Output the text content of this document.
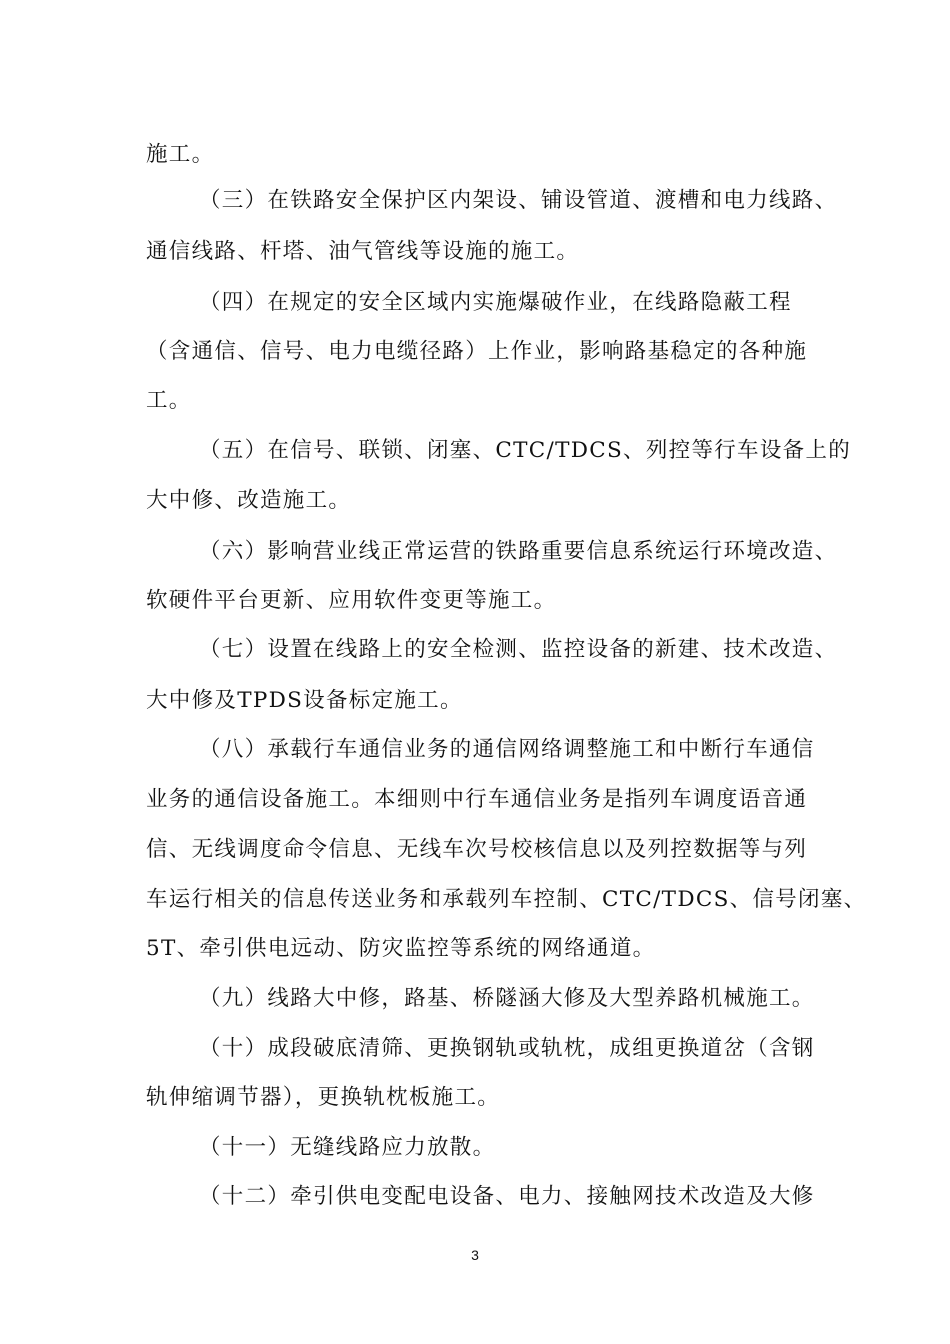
施工。
（三）在铁路安全保护区内架设、铺设管道、渡槽和电力线路、
通信线路、杆塔、油气管线等设施的施工。
（四）在规定的安全区域内实施爆破作业，在线路隐蔽工程
（含通信、信号、电力电缆径路）上作业，影响路基稳定的各种施
工。
（五）在信号、联锁、闭塞、CTC/TDCS、列控等行车设备上的
大中修、改造施工。
（六）影响营业线正常运营的铁路重要信息系统运行环境改造、
软硬件平台更新、应用软件变更等施工。
（七）设置在线路上的安全检测、监控设备的新建、技术改造、
大中修及TPDS设备标定施工。
（八）承载行车通信业务的通信网络调整施工和中断行车通信
业务的通信设备施工。本细则中行车通信业务是指列车调度语音通
信、无线调度命令信息、无线车次号校核信息以及列控数据等与列
车运行相关的信息传送业务和承载列车控制、CTC/TDCS、信号闭塞、
5T、牵引供电远动、防灾监控等系统的网络通道。
（九）线路大中修，路基、桥隧涵大修及大型养路机械施工。
（十）成段破底清筛、更换钢轨或轨枕，成组更换道岔（含钢
轨伸缩调节器），更换轨枕板施工。
（十一）无缝线路应力放散。
（十二）牵引供电变配电设备、电力、接触网技术改造及大修
3
